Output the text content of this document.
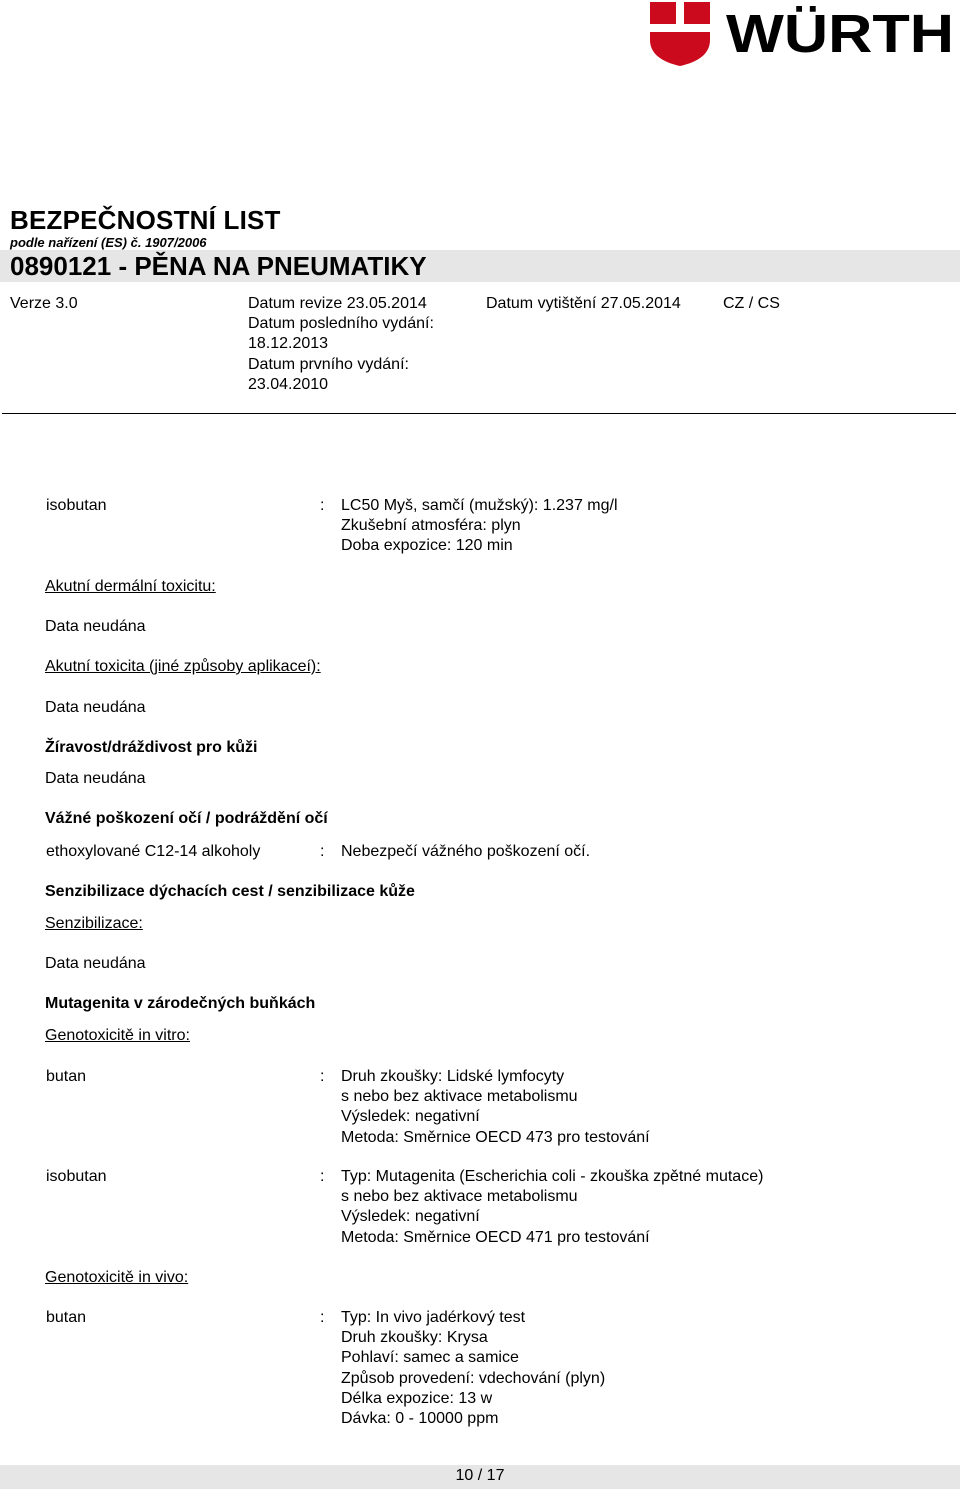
WÜRTH
BEZPEČNOSTNÍ LIST
podle nařízení (ES) č. 1907/2006
0890121 - PĚNA NA PNEUMATIKY
Verze 3.0	Datum revize 23.05.2014
Datum posledního vydání:
18.12.2013
Datum prvního vydání:
23.04.2010
Datum vytištění 27.05.2014	CZ / CS
isobutan	: LC50 Myš, samčí (mužský): 1.237 mg/l
Zkušební atmosféra: plyn
Doba expozice: 120 min
Akutní dermální toxicitu:
Data neudána
Akutní toxicita (jiné způsoby aplikaceí):
Data neudána
Žíravost/dráždivost pro kůži
Data neudána
Vážné poškození očí / podráždění očí
ethoxylované C12-14 alkoholy	: Nebezpečí vážného poškození očí.
Senzibilizace dýchacích cest / senzibilizace kůže
Senzibilizace:
Data neudána
Mutagenita v zárodečných buňkách
Genotoxicitě in vitro:
butan	: Druh zkoušky: Lidské lymfocyty
s nebo bez aktivace metabolismu
Výsledek: negativní
Metoda: Směrnice OECD 473 pro testování
isobutan	: Typ: Mutagenita (Escherichia coli - zkouška zpětné mutace)
s nebo bez aktivace metabolismu
Výsledek: negativní
Metoda: Směrnice OECD 471 pro testování
Genotoxicitě in vivo:
butan	: Typ: In vivo jadérkový test
Druh zkoušky: Krysa
Pohlaví: samec a samice
Způsob provedení: vdechování (plyn)
Délka expozice: 13 w
Dávka: 0 - 10000 ppm
10 / 17
